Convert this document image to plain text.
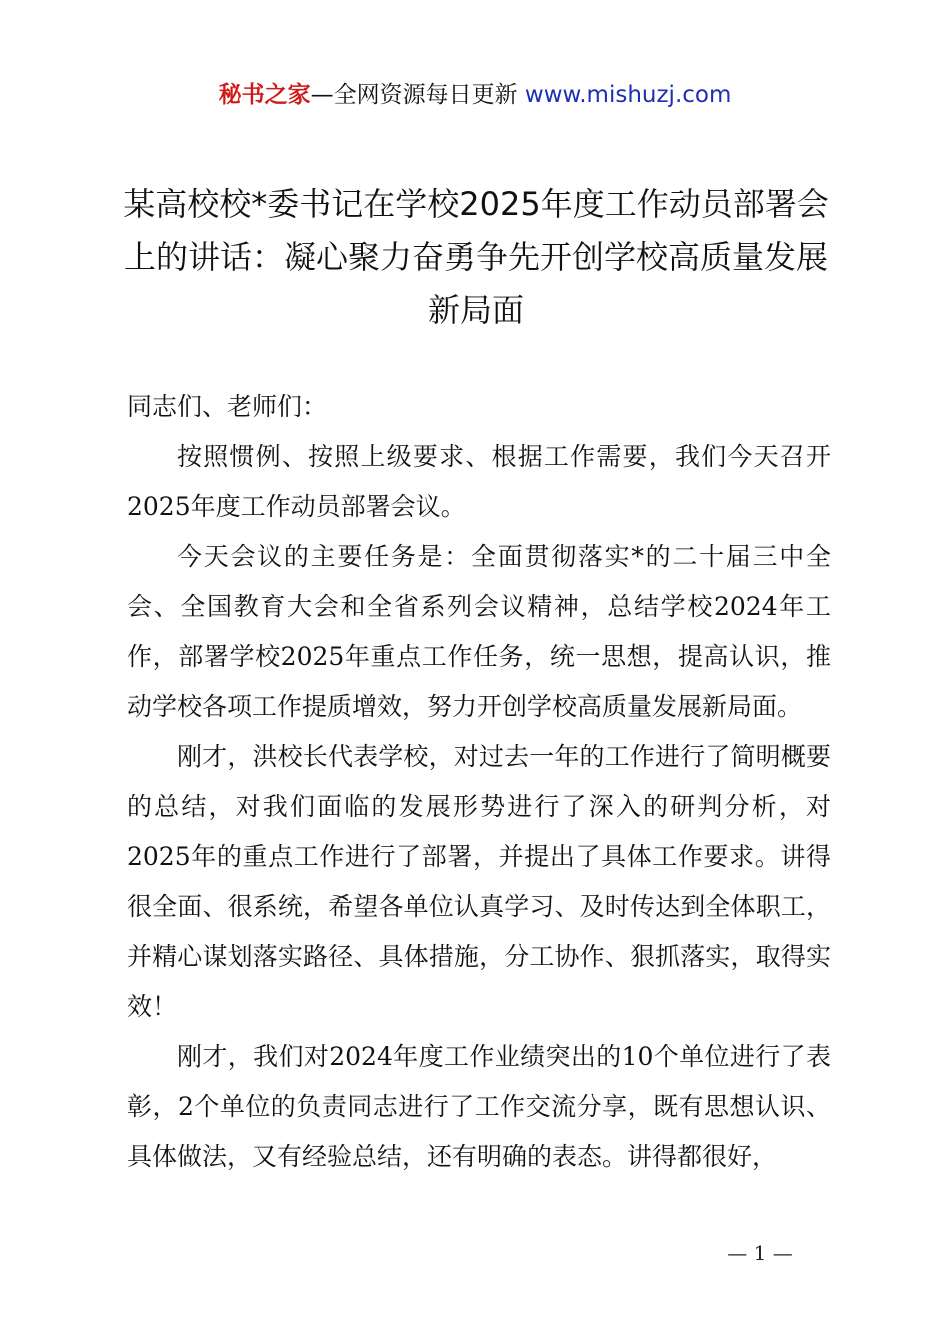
秘书之家—全网资源每日更新 www.mishuzj.com
某高校校*委书记在学校2025年度工作动员部署会上的讲话：凝心聚力奋勇争先开创学校高质量发展新局面

同志们、老师们：

按照惯例、按照上级要求、根据工作需要，我们今天召开2025年度工作动员部署会议。

今天会议的主要任务是：全面贯彻落实*的二十届三中全会、全国教育大会和全省系列会议精神，总结学校2024年工作，部署学校2025年重点工作任务，统一思想，提高认识，推动学校各项工作提质增效，努力开创学校高质量发展新局面。

刚才，洪校长代表学校，对过去一年的工作进行了简明概要的总结，对我们面临的发展形势进行了深入的研判分析，对2025年的重点工作进行了部署，并提出了具体工作要求。讲得很全面、很系统，希望各单位认真学习、及时传达到全体职工，并精心谋划落实路径、具体措施，分工协作、狠抓落实，取得实效！

刚才，我们对2024年度工作业绩突出的10个单位进行了表彰，2个单位的负责同志进行了工作交流分享，既有思想认识、具体做法，又有经验总结，还有明确的表态。讲得都很好，

— 1 —
